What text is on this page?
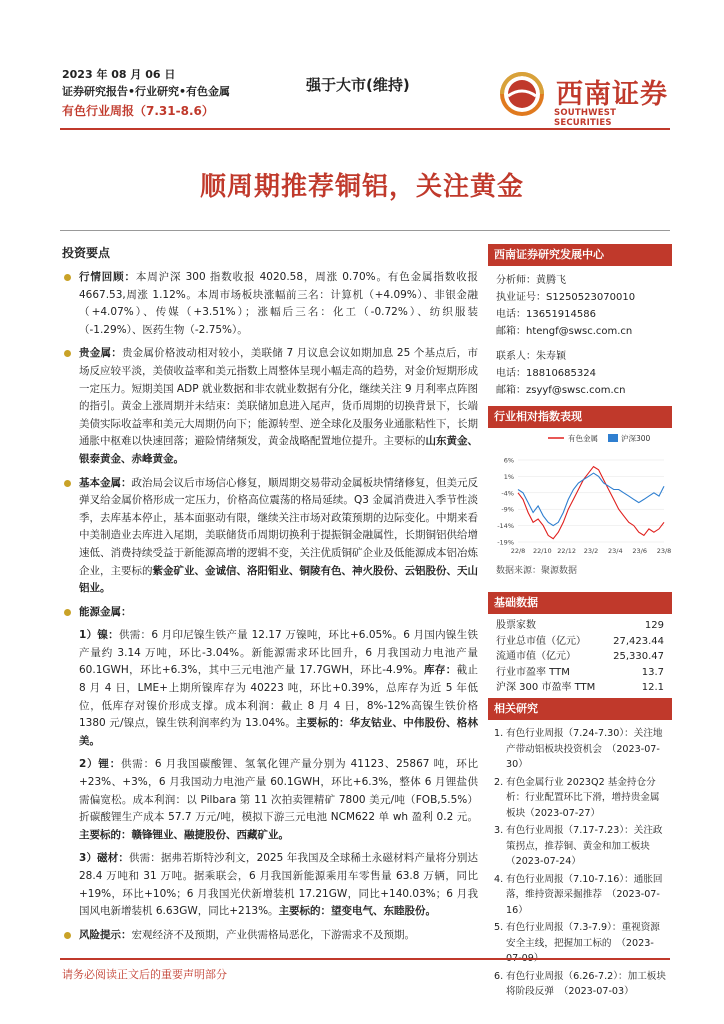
2023 年 08 月 06 日
证券研究报告•行业研究•有色金属
有色行业周报（7.31-8.6）
强于大市(维持)	西南证券
SOUTHWEST SECURITIES
顺周期推荐铜铝，关注黄金
投资要点
行情回顾：本周沪深 300 指数收报 4020.58，周涨 0.70%。有色金属指数收报 4667.53,周涨 1.12%。本周市场板块涨幅前三名：计算机（+4.09%）、非银金融（+4.07%）、传媒（+3.51%）；涨幅后三名：化工（-0.72%）、纺织服装（-1.29%）、医药生物（-2.75%）。
贵金属：贵金属价格波动相对较小，美联储 7 月议息会议如期加息 25 个基点后，市场反应较平淡，美债收益率和美元指数上周整体呈现小幅走高的趋势，对金价短期形成一定压力。短期美国 ADP 就业数据和非农就业数据有分化，继续关注 9 月利率点阵图的指引。黄金上涨周期并未结束：美联储加息进入尾声，货币周期的切换背景下，长端美债实际收益率和美元大周期仍向下；能源转型、逆全球化及服务业通胀粘性下，长期通胀中枢难以快速回落；避险情绪频发，黄金战略配置地位提升。主要标的山东黄金、银泰黄金、赤峰黄金。
基本金属：政治局会议后市场信心修复，顺周期交易带动金属板块情绪修复，但美元反弹叉给金属价格形成一定压力，价格高位震荡的格局延续。Q3 金属消费进入季节性淡季，去库基本停止，基本面驱动有限，继续关注市场对政策预期的边际变化。中期来看中美制造业去库进入尾期，美联储货币周期切换利于提振铜金融属性，长期铜铝供给增速低、消费持续受益于新能源高增的逻辑不变，关注优质铜矿企业及低能源成本铝冶炼企业，主要标的紫金矿业、金诚信、洛阳钼业、铜陵有色、神火股份、云铝股份、天山铝业。
能源金属：
1）镍：供需：6 月印尼镍生铁产量 12.17 万镍吨，环比+6.05%。6 月国内镍生铁产量约 3.14 万吨，环比-3.04%。新能源需求环比回升，6 月我国动力电池产量 60.1GWH，环比+6.3%，其中三元电池产量 17.7GWH，环比-4.9%。库存：截止 8 月 4 日，LME+上期所镍库存为 40223 吨，环比+0.39%，总库存为近 5 年低位，低库存对镍价形成支撑。成本利润：截止 8 月 4 日，8%-12%高镍生铁价格 1380 元/镍点，镍生铁利润率约为 13.04%。主要标的：华友钴业、中伟股份、格林美。
2）锂：供需：6 月我国碳酸锂、氢氧化锂产量分别为 41123、25867 吨，环比+23%、+3%，6 月我国动力电池产量 60.1GWH，环比+6.3%，整体 6 月锂盐供需偏宽松。成本利润：以 Pilbara 第 11 次拍卖锂精矿 7800 美元/吨（FOB,5.5%）折碳酸锂生产成本 57.7 万元/吨，模拟下游三元电池 NCM622 单 wh 盈利 0.2 元。主要标的：赣锋锂业、融捷股份、西藏矿业。
3）磁材：供需：据弗若斯特沙利文，2025 年我国及全球稀土永磁材料产量将分别达 28.4 万吨和 31 万吨。据乘联会，6 月我国新能源乘用车零售量 63.8 万辆，同比+19%，环比+10%；6 月我国光伏新增装机 17.21GW，同比+140.03%；6 月我国风电新增装机 6.63GW，同比+213%。主要标的：望变电气、东睦股份。
风险提示：宏观经济不及预期，产业供需格局恶化，下游需求不及预期。
西南证券研究发展中心
分析师：黄腾飞
执业证号：S1250523070010
电话：13651914586
邮箱：htengf@swsc.com.cn
联系人：朱寿颖
电话：18810685324
邮箱：zsyyf@swsc.com.cn
行业相对指数表现
有色金属	沪深300
6%
1%
-4%
-9%
-14%
-19%
22/8 22/10 22/12 23/2 23/4 23/6 23/8
数据来源：聚源数据
基础数据
股票家数	129
行业总市值（亿元）	27,423.44
流通市值（亿元）	25,330.47
行业市盈率 TTM	13.7
沪深 300 市盈率 TTM	12.1
相关研究
1. 有色行业周报（7.24-7.30）：关注地产带动铝板块投资机会　（2023-07-30）
2. 有色金属行业 2023Q2 基金持仓分析：行业配置环比下滑，增持贵金属板块（2023-07-27）
3. 有色行业周报（7.17-7.23）：关注政策拐点，推荐铜、黄金和加工板块（2023-07-24）
4. 有色行业周报（7.10-7.16）：通胀回落，维持资源采掘推荐　（2023-07-16）
5. 有色行业周报（7.3-7.9）：重视资源安全主线，把握加工标的　（2023-
6. 有色行业周报（6.26-7.2）：加工板块将阶段反弹　（2023-07-03）
请务必阅读正文后的重要声明部分
